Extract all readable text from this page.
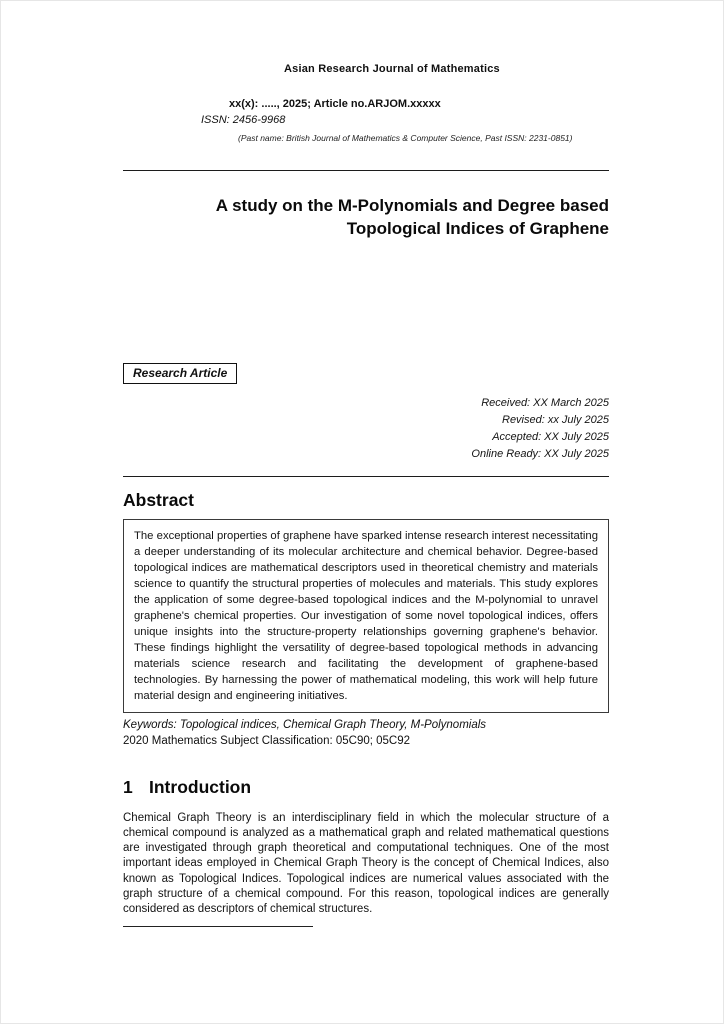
Asian Research Journal of Mathematics
xx(x): ....., 2025; Article no.ARJOM.xxxxx
ISSN: 2456-9968
(Past name: British Journal of Mathematics & Computer Science, Past ISSN: 2231-0851)
A study on the M-Polynomials and Degree based
Topological Indices of Graphene
Research Article
Received: XX March 2025
Revised: xx July 2025
Accepted: XX July 2025
Online Ready: XX July 2025
Abstract

The exceptional properties of graphene have sparked intense research interest necessitating a deeper understanding of its molecular architecture and chemical behavior. Degree-based topological indices are mathematical descriptors used in theoretical chemistry and materials science to quantify the structural properties of molecules and materials. This study explores the application of some degree-based topological indices and the M-polynomial to unravel graphene's chemical properties. Our investigation of some novel topological indices, offers unique insights into the structure-property relationships governing graphene's behavior. These findings highlight the versatility of degree-based topological methods in advancing materials science research and facilitating the development of graphene-based technologies. By harnessing the power of mathematical modeling, this work will help future material design and engineering initiatives.

Keywords: Topological indices, Chemical Graph Theory, M-Polynomials
2020 Mathematics Subject Classification: 05C90; 05C92
1 Introduction

Chemical Graph Theory is an interdisciplinary field in which the molecular structure of a chemical compound is analyzed as a mathematical graph and related mathematical questions are investigated through graph theoretical and computational techniques. One of the most important ideas employed in Chemical Graph Theory is the concept of Chemical Indices, also known as Topological Indices. Topological indices are numerical values associated with the graph structure of a chemical compound. For this reason, topological indices are generally considered as descriptors of chemical structures.
